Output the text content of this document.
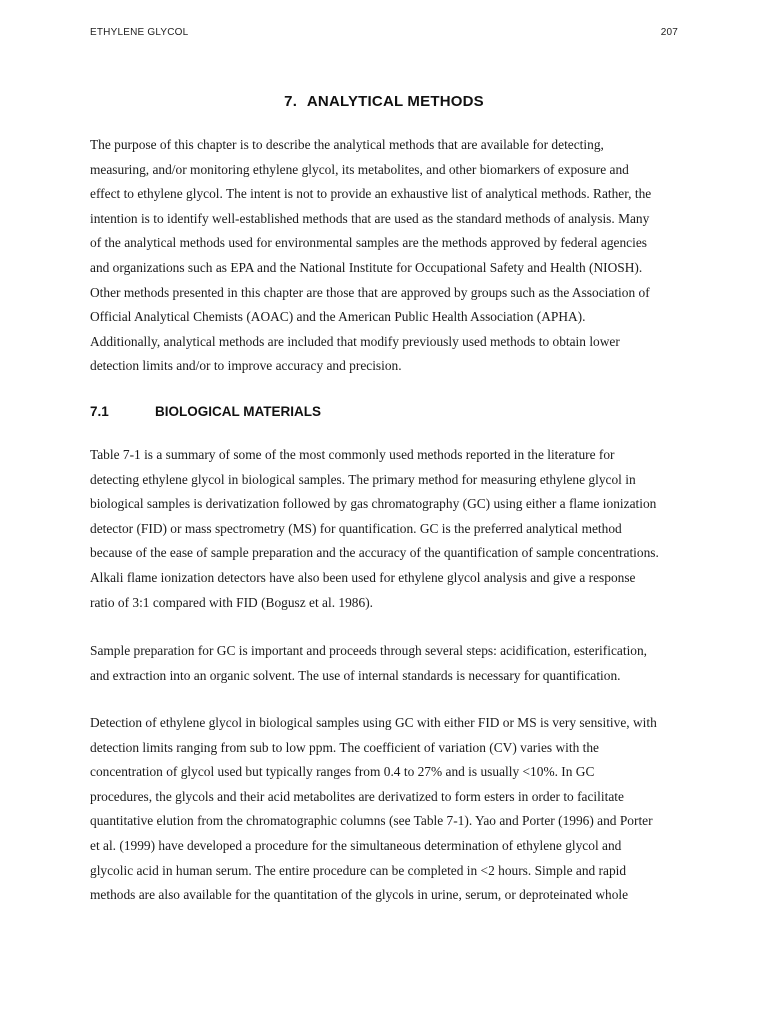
ETHYLENE GLYCOL	207
7. ANALYTICAL METHODS

The purpose of this chapter is to describe the analytical methods that are available for detecting,
measuring, and/or monitoring ethylene glycol, its metabolites, and other biomarkers of exposure and
effect to ethylene glycol. The intent is not to provide an exhaustive list of analytical methods. Rather, the
intention is to identify well-established methods that are used as the standard methods of analysis. Many
of the analytical methods used for environmental samples are the methods approved by federal agencies
and organizations such as EPA and the National Institute for Occupational Safety and Health (NIOSH).
Other methods presented in this chapter are those that are approved by groups such as the Association of
Official Analytical Chemists (AOAC) and the American Public Health Association (APHA).
Additionally, analytical methods are included that modify previously used methods to obtain lower
detection limits and/or to improve accuracy and precision.

7.1	BIOLOGICAL MATERIALS

Table 7-1 is a summary of some of the most commonly used methods reported in the literature for
detecting ethylene glycol in biological samples. The primary method for measuring ethylene glycol in
biological samples is derivatization followed by gas chromatography (GC) using either a flame ionization
detector (FID) or mass spectrometry (MS) for quantification. GC is the preferred analytical method
because of the ease of sample preparation and the accuracy of the quantification of sample concentrations.
Alkali flame ionization detectors have also been used for ethylene glycol analysis and give a response
ratio of 3:1 compared with FID (Bogusz et al. 1986).

Sample preparation for GC is important and proceeds through several steps: acidification, esterification,
and extraction into an organic solvent. The use of internal standards is necessary for quantification.

Detection of ethylene glycol in biological samples using GC with either FID or MS is very sensitive, with
detection limits ranging from sub to low ppm. The coefficient of variation (CV) varies with the
concentration of glycol used but typically ranges from 0.4 to 27% and is usually <10%. In GC
procedures, the glycols and their acid metabolites are derivatized to form esters in order to facilitate
quantitative elution from the chromatographic columns (see Table 7-1). Yao and Porter (1996) and Porter
et al. (1999) have developed a procedure for the simultaneous determination of ethylene glycol and
glycolic acid in human serum. The entire procedure can be completed in <2 hours. Simple and rapid
methods are also available for the quantitation of the glycols in urine, serum, or deproteinated whole
